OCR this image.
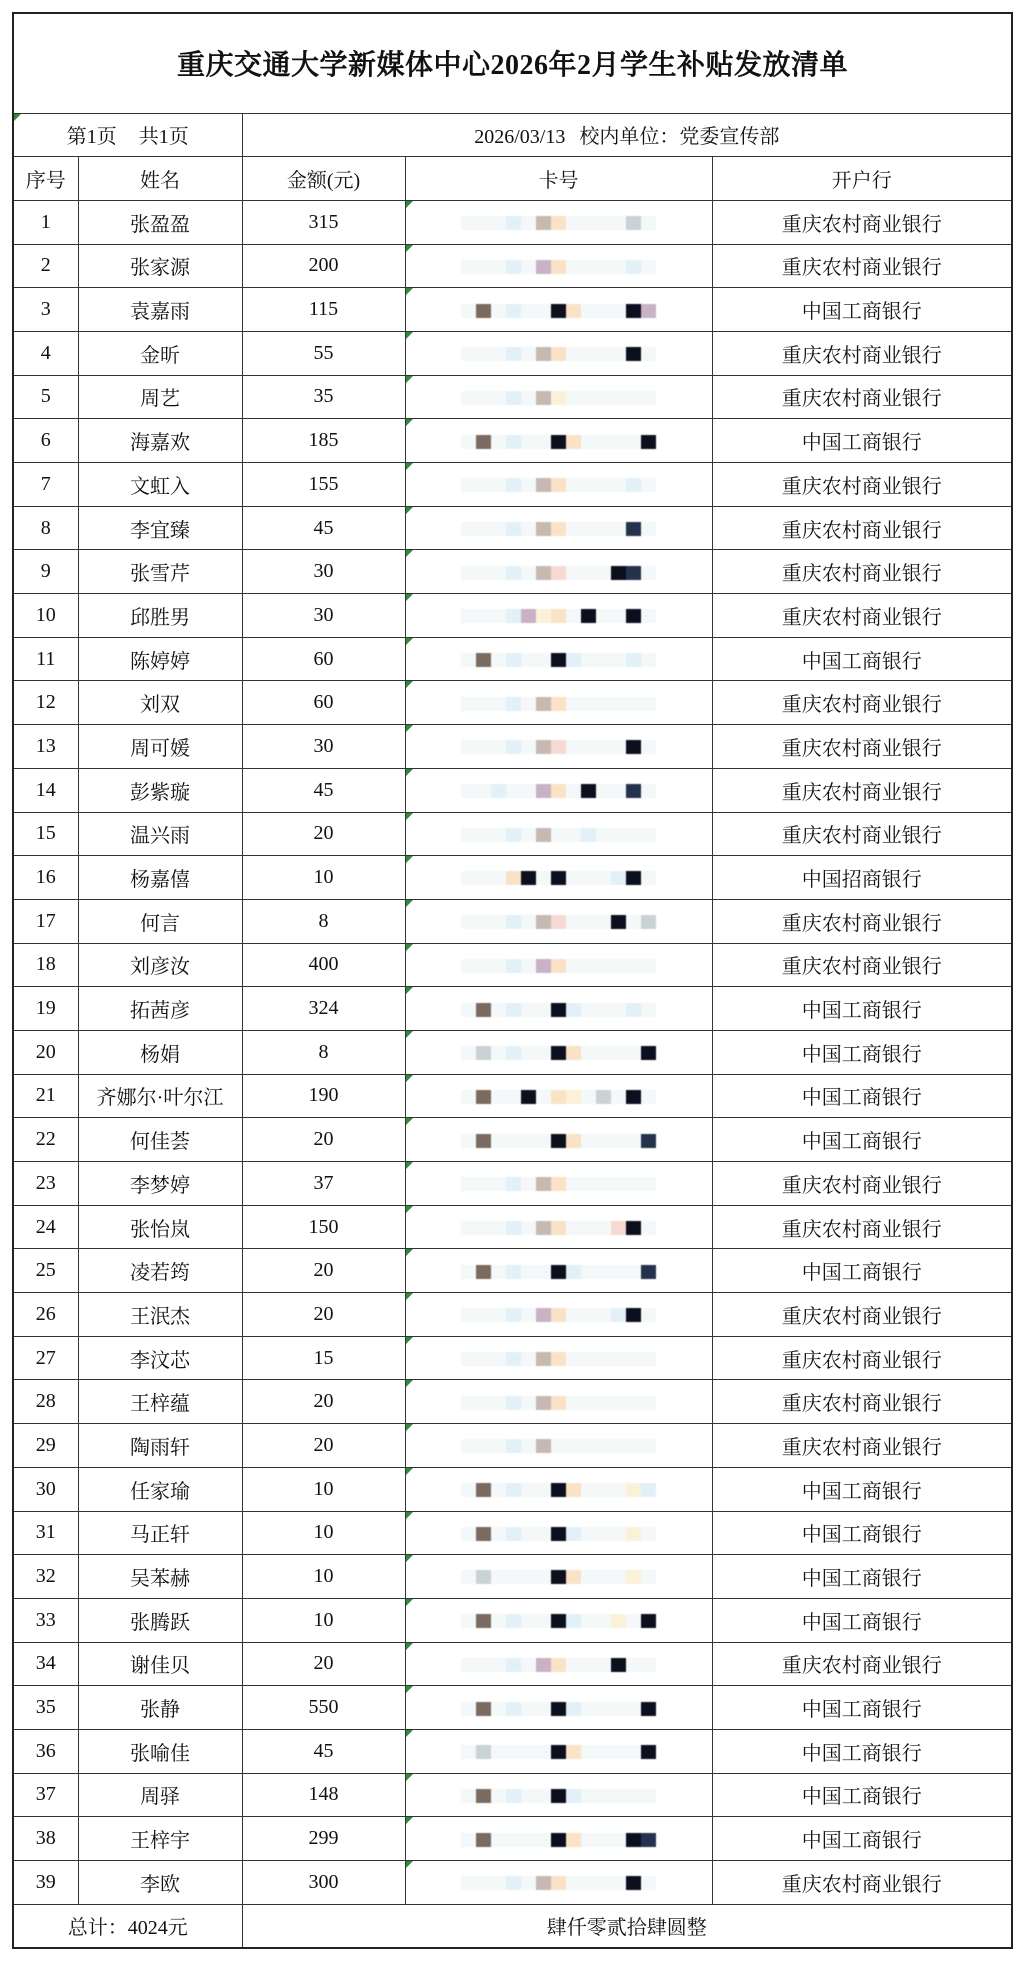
重庆交通大学新媒体中心2026年2月学生补贴发放清单				

第1页 共1页		2026/03/13 校内单位：党委宣传部		
序号	姓名	金额(元)	卡号	开户行
1	张盈盈	315		重庆农村商业银行
2	张家源	200		重庆农村商业银行
3	袁嘉雨	115		中国工商银行
4	金昕	55		重庆农村商业银行
5	周艺	35		重庆农村商业银行
6	海嘉欢	185		中国工商银行
7	文虹入	155		重庆农村商业银行
8	李宜臻	45		重庆农村商业银行
9	张雪芹	30		重庆农村商业银行
10	邱胜男	30		重庆农村商业银行
11	陈婷婷	60		中国工商银行
12	刘双	60		重庆农村商业银行
13	周可媛	30		重庆农村商业银行
14	彭紫璇	45		重庆农村商业银行
15	温兴雨	20		重庆农村商业银行
16	杨嘉僖	10		中国招商银行
17	何言	8		重庆农村商业银行
18	刘彦汝	400		重庆农村商业银行
19	拓茜彦	324		中国工商银行
20	杨娟	8		中国工商银行
21	齐娜尔·叶尔江	190		中国工商银行
22	何佳荟	20		中国工商银行
23	李梦婷	37		重庆农村商业银行
24	张怡岚	150		重庆农村商业银行
25	凌若筠	20		中国工商银行
26	王泯杰	20		重庆农村商业银行
27	李汶芯	15		重庆农村商业银行
28	王梓蕴	20		重庆农村商业银行
29	陶雨轩	20		重庆农村商业银行
30	任家瑜	10		中国工商银行
31	马正轩	10		中国工商银行
32	吴苯赫	10		中国工商银行
33	张腾跃	10		中国工商银行
34	谢佳贝	20		重庆农村商业银行
35	张静	550		中国工商银行
36	张喻佳	45		中国工商银行
37	周驿	148		中国工商银行
38	王梓宇	299		中国工商银行
39	李欧	300		重庆农村商业银行
总计：4024元		肆仟零贰拾肆圆整		
